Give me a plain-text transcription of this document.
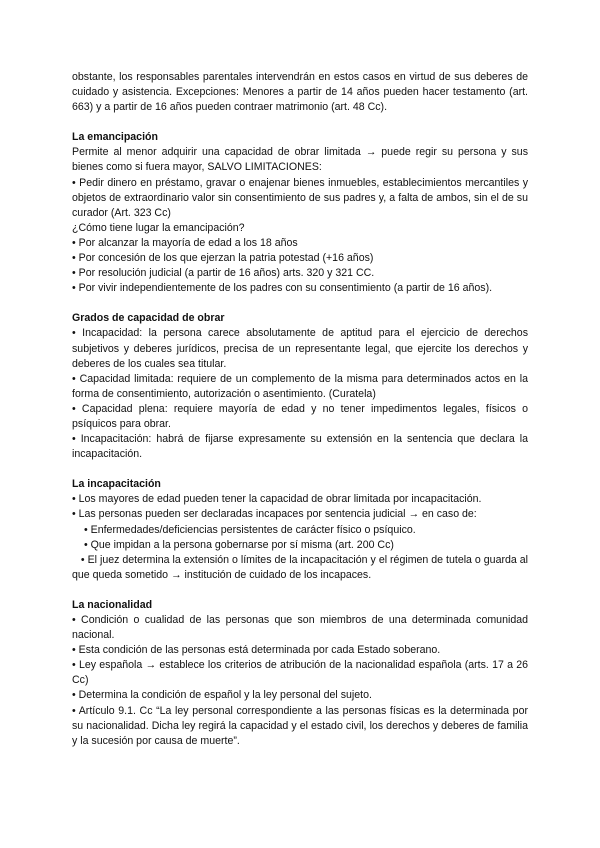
obstante, los responsables parentales intervendrán en estos casos en virtud de sus deberes de cuidado y asistencia. Excepciones: Menores a partir de 14 años pueden hacer testamento (art. 663) y a partir de 16 años pueden contraer matrimonio (art. 48 Cc).

La emancipación

Permite al menor adquirir una capacidad de obrar limitada → puede regir su persona y sus bienes como si fuera mayor, SALVO LIMITACIONES:

• Pedir dinero en préstamo, gravar o enajenar bienes inmuebles, establecimientos mercantiles y objetos de extraordinario valor sin consentimiento de sus padres y, a falta de ambos, sin el de su curador (Art. 323 Cc)

¿Cómo tiene lugar la emancipación?

• Por alcanzar la mayoría de edad a los 18 años

• Por concesión de los que ejerzan la patria potestad (+16 años)

• Por resolución judicial (a partir de 16 años) arts. 320 y 321 CC.

• Por vivir independientemente de los padres con su consentimiento (a partir de 16 años).

Grados de capacidad de obrar

• Incapacidad: la persona carece absolutamente de aptitud para el ejercicio de derechos subjetivos y deberes jurídicos, precisa de un representante legal, que ejercite los derechos y deberes de los cuales sea titular.

• Capacidad limitada: requiere de un complemento de la misma para determinados actos en la forma de consentimiento, autorización o asentimiento. (Curatela)

• Capacidad plena: requiere mayoría de edad y no tener impedimentos legales, físicos o psíquicos para obrar.

• Incapacitación: habrá de fijarse expresamente su extensión en la sentencia que declara la incapacitación.

La incapacitación

• Los mayores de edad pueden tener la capacidad de obrar limitada por incapacitación.

• Las personas pueden ser declaradas incapaces por sentencia judicial → en caso de:

• Enfermedades/deficiencias persistentes de carácter físico o psíquico.

• Que impidan a la persona gobernarse por sí misma (art. 200 Cc)

• El juez determina la extensión o límites de la incapacitación y el régimen de tutela o guarda al que queda sometido → institución de cuidado de los incapaces.

La nacionalidad

• Condición o cualidad de las personas que son miembros de una determinada comunidad nacional.

• Esta condición de las personas está determinada por cada Estado soberano.

• Ley española → establece los criterios de atribución de la nacionalidad española (arts. 17 a 26 Cc)

• Determina la condición de español y la ley personal del sujeto.

• Artículo 9.1. Cc “La ley personal correspondiente a las personas físicas es la determinada por su nacionalidad. Dicha ley regirá la capacidad y el estado civil, los derechos y deberes de familia y la sucesión por causa de muerte”.
